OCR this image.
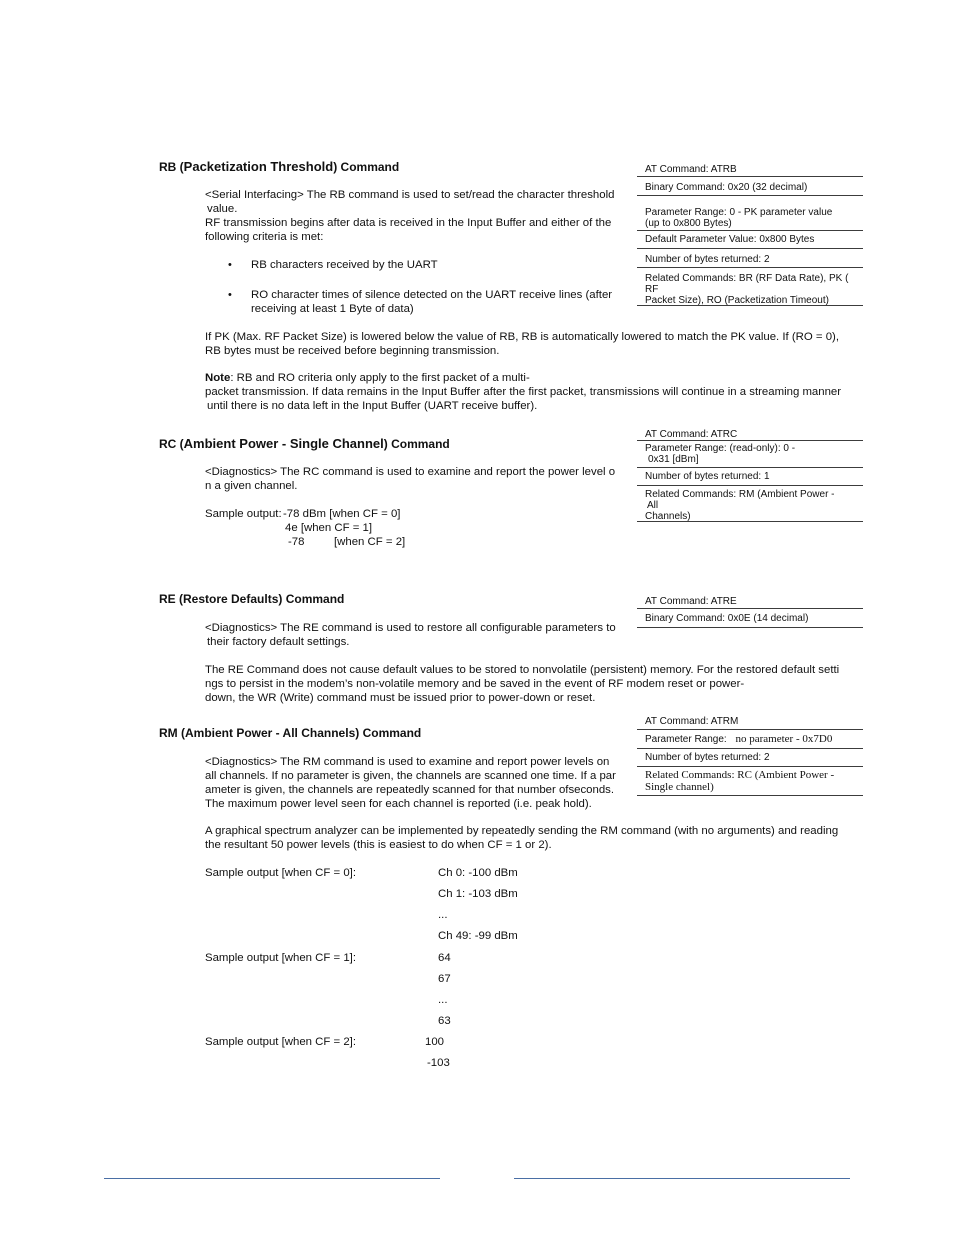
RB (Packetization Threshold) Command
<Serial Interfacing> The RB command is used to set/read the character threshold
value.
RF transmission begins after data is received in the Input Buffer and either of the
following criteria is met:
• RB characters received by the UART
• RO character times of silence detected on the UART receive lines (after
receiving at least 1 Byte of data)
If PK (Max. RF Packet Size) is lowered below the value of RB, RB is automatically lowered to match the PK value. If (RO = 0),
RB bytes must be received before beginning transmission.
Note: RB and RO criteria only apply to the first packet of a multi-
packet transmission. If data remains in the Input Buffer after the first packet, transmissions will continue in a streaming manner
until there is no data left in the Input Buffer (UART receive buffer).
AT Command: ATRB
Binary Command: 0x20 (32 decimal)
Parameter Range: 0 - PK parameter value
(up to 0x800 Bytes)
Default Parameter Value: 0x800 Bytes
Number of bytes returned: 2
Related Commands: BR (RF Data Rate), PK (
RF
Packet Size), RO (Packetization Timeout)
RC (Ambient Power - Single Channel) Command
<Diagnostics> The RC command is used to examine and report the power level o
n a given channel.
Sample output: -78 dBm [when CF = 0]
4e [when CF = 1]
-78	[when CF = 2]
AT Command: ATRC
Parameter Range: (read-only): 0 -
0x31 [dBm]
Number of bytes returned: 1
Related Commands: RM (Ambient Power -
All
Channels)
RE (Restore Defaults) Command
<Diagnostics> The RE command is used to restore all configurable parameters to
their factory default settings.
The RE Command does not cause default values to be stored to nonvolatile (persistent) memory. For the restored default setti
ngs to persist in the modem’s non-volatile memory and be saved in the event of RF modem reset or power-
down, the WR (Write) command must be issued prior to power-down or reset.
AT Command: ATRE
Binary Command: 0x0E (14 decimal)
RM (Ambient Power - All Channels) Command
<Diagnostics> The RM command is used to examine and report power levels on
all channels. If no parameter is given, the channels are scanned one time. If a par
ameter is given, the channels are repeatedly scanned for that number ofseconds.
The maximum power level seen for each channel is reported (i.e. peak hold).
A graphical spectrum analyzer can be implemented by repeatedly sending the RM command (with no arguments) and reading
the resultant 50 power levels (this is easiest to do when CF = 1 or 2).
Sample output [when CF = 0]:	Ch 0: -100 dBm
Ch 1: -103 dBm
...
Ch 49: -99 dBm
Sample output [when CF = 1]:	64
67
...
63
Sample output [when CF = 2]:	100
-103
AT Command: ATRM
Parameter Range: no parameter - 0x7D0
Number of bytes returned: 2
Related Commands: RC (Ambient Power -
Single channel)
